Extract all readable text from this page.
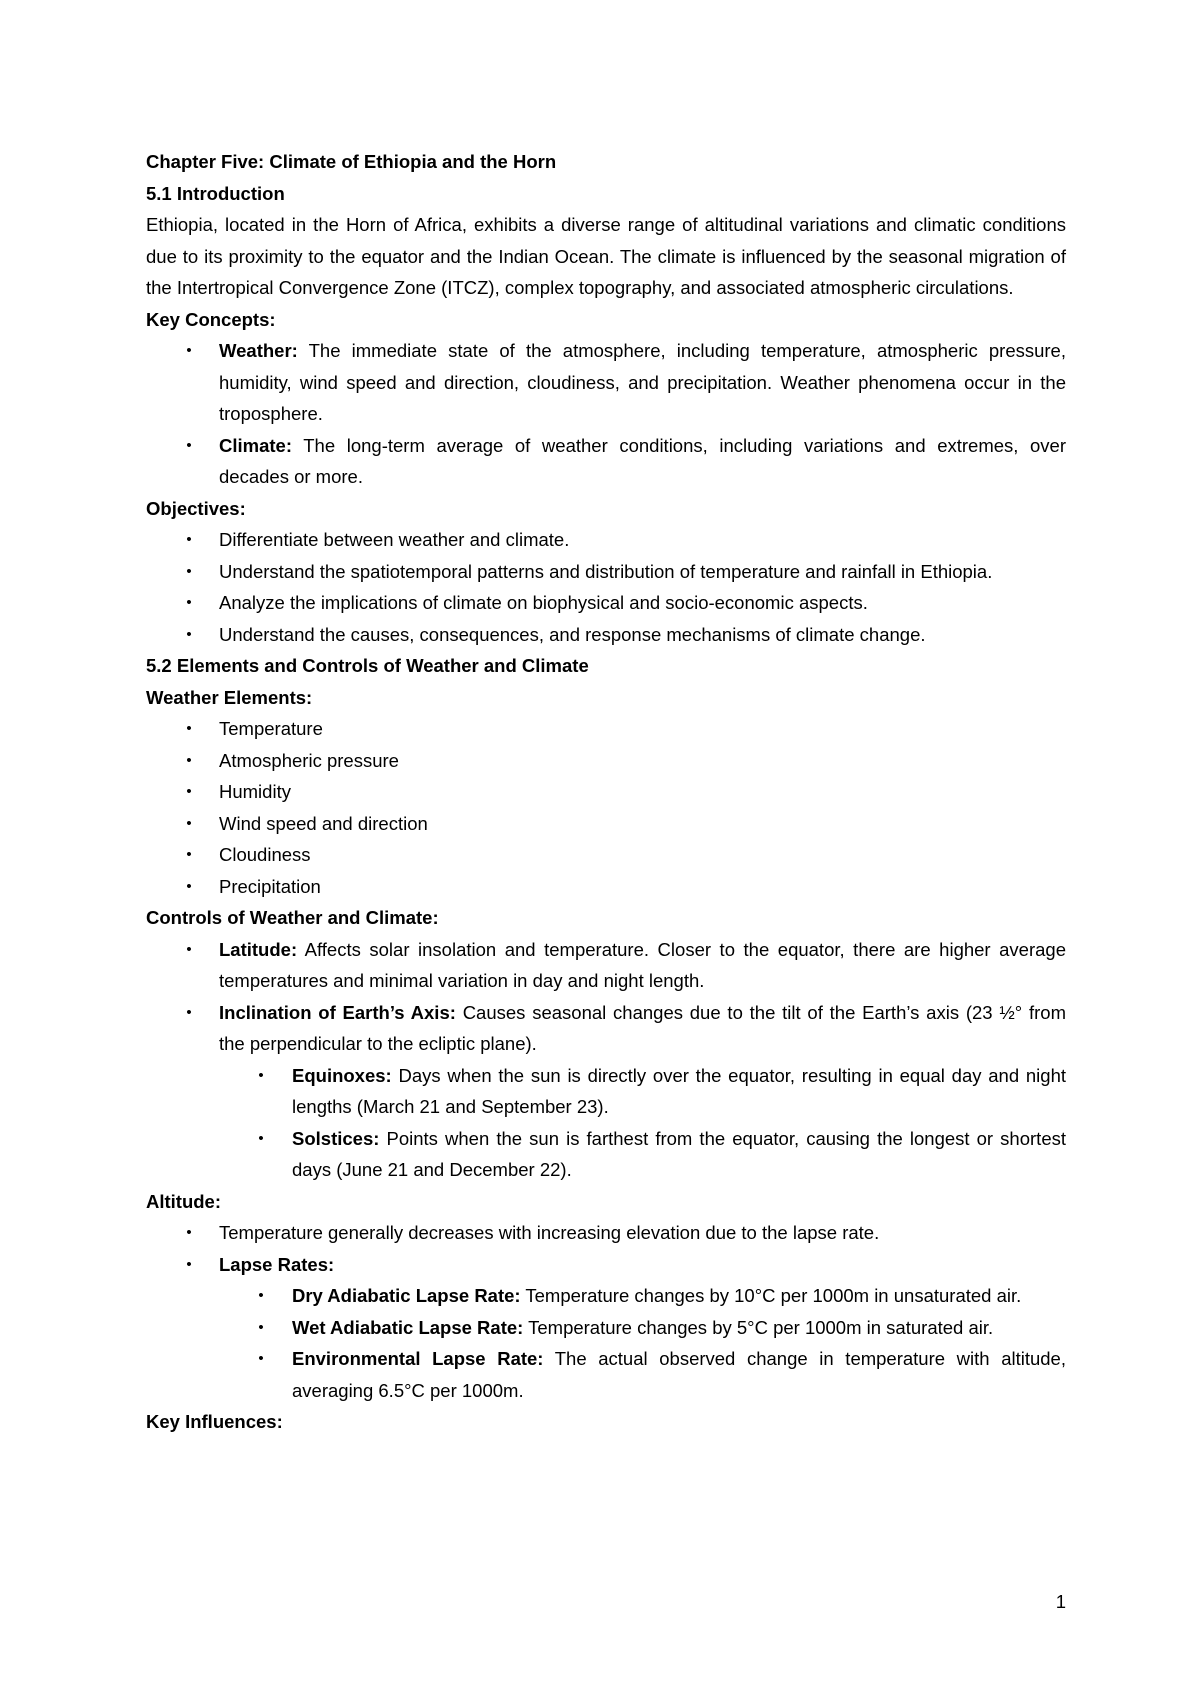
Chapter Five: Climate of Ethiopia and the Horn
5.1 Introduction

Ethiopia, located in the Horn of Africa, exhibits a diverse range of altitudinal variations and climatic conditions due to its proximity to the equator and the Indian Ocean. The climate is influenced by the seasonal migration of the Intertropical Convergence Zone (ITCZ), complex topography, and associated atmospheric circulations.

Key Concepts:
• Weather: The immediate state of the atmosphere, including temperature, atmospheric pressure, humidity, wind speed and direction, cloudiness, and precipitation. Weather phenomena occur in the troposphere.
• Climate: The long-term average of weather conditions, including variations and extremes, over decades or more.
Objectives:
• Differentiate between weather and climate.
• Understand the spatiotemporal patterns and distribution of temperature and rainfall in Ethiopia.
• Analyze the implications of climate on biophysical and socio-economic aspects.
• Understand the causes, consequences, and response mechanisms of climate change.
5.2 Elements and Controls of Weather and Climate
Weather Elements:
• Temperature
• Atmospheric pressure
• Humidity
• Wind speed and direction
• Cloudiness
• Precipitation
Controls of Weather and Climate:
• Latitude: Affects solar insolation and temperature. Closer to the equator, there are higher average temperatures and minimal variation in day and night length.
• Inclination of Earth’s Axis: Causes seasonal changes due to the tilt of the Earth’s axis (23 ½° from the perpendicular to the ecliptic plane).
• Equinoxes: Days when the sun is directly over the equator, resulting in equal day and night lengths (March 21 and September 23).
• Solstices: Points when the sun is farthest from the equator, causing the longest or shortest days (June 21 and December 22).
Altitude:
• Temperature generally decreases with increasing elevation due to the lapse rate.
• Lapse Rates:
• Dry Adiabatic Lapse Rate: Temperature changes by 10°C per 1000m in unsaturated air.
• Wet Adiabatic Lapse Rate: Temperature changes by 5°C per 1000m in saturated air.
• Environmental Lapse Rate: The actual observed change in temperature with altitude, averaging 6.5°C per 1000m.
Key Influences:
1
